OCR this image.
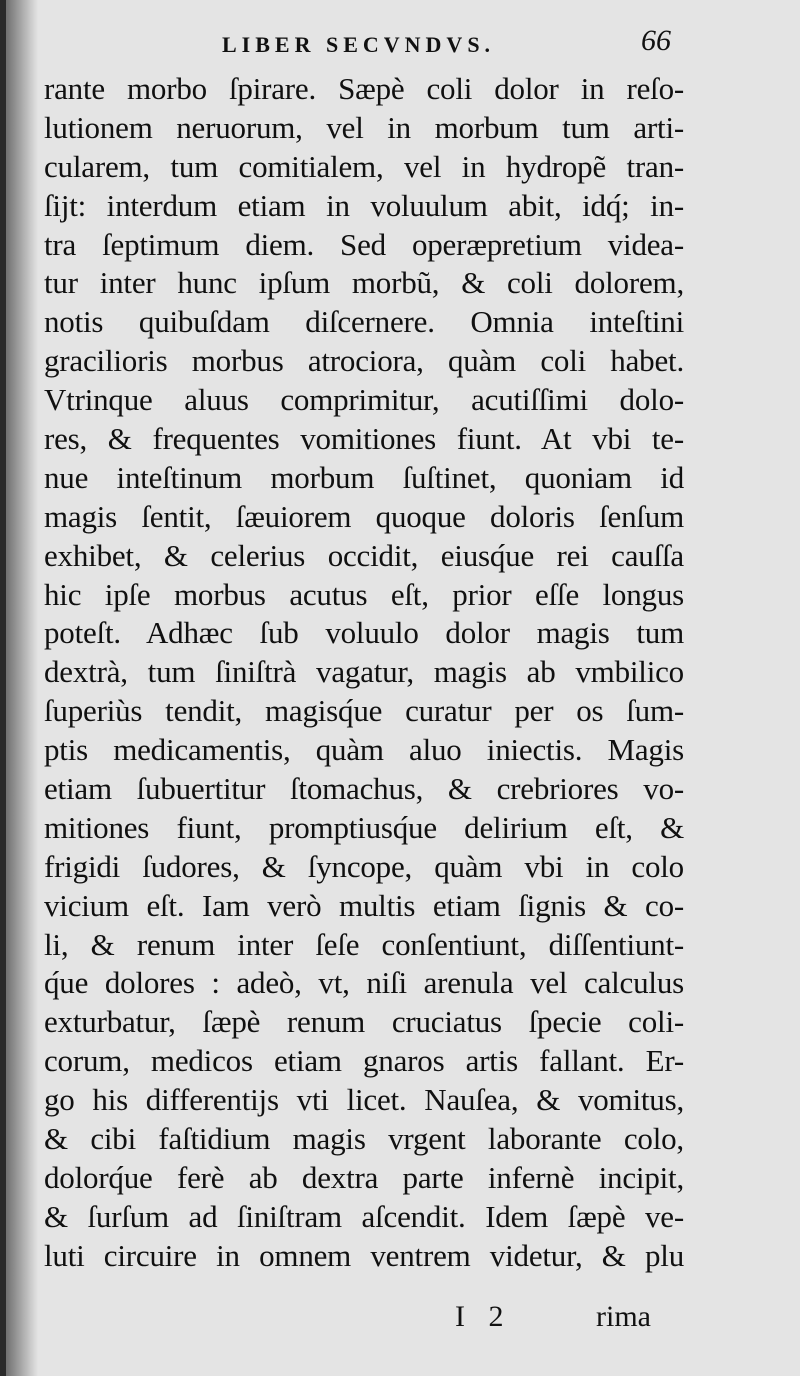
LIBER SECVNDVS.	66
rante morbo ſpirare. Sæpè coli dolor in reſo-
lutionem neruorum, vel in morbum tum arti-
cularem, tum comitialem, vel in hydropẽ tran-
ſijt: interdum etiam in voluulum abit, idq́; in-
tra ſeptimum diem. Sed operæpretium videa-
tur inter hunc ipſum morbũ, & coli dolorem,
notis quibuſdam diſcernere. Omnia inteſtini
gracilioris morbus atrociora, quàm coli habet.
Vtrinque aluus comprimitur, acutiſſimi dolo-
res, & frequentes vomitiones fiunt. At vbi te-
nue inteſtinum morbum ſuſtinet, quoniam id
magis ſentit, ſæuiorem quoque doloris ſenſum
exhibet, & celerius occidit, eiusq́ue rei cauſſa
hic ipſe morbus acutus eſt, prior eſſe longus
poteſt. Adhæc ſub voluulo dolor magis tum
dextrà, tum ſiniſtrà vagatur, magis ab vmbilico
ſuperiùs tendit, magisq́ue curatur per os ſum-
ptis medicamentis, quàm aluo iniectis. Magis
etiam ſubuertitur ſtomachus, & crebriores vo-
mitiones fiunt, promptiusq́ue delirium eſt, &
frigidi ſudores, & ſyncope, quàm vbi in colo
vicium eſt. Iam verò multis etiam ſignis & co-
li, & renum inter ſeſe conſentiunt, diſſentiunt-
q́ue dolores : adeò, vt, niſi arenula vel calculus
exturbatur, ſæpè renum cruciatus ſpecie coli-
corum, medicos etiam gnaros artis fallant. Er-
go his differentijs vti licet. Nauſea, & vomitus,
& cibi faſtidium magis vrgent laborante colo,
dolorq́ue ferè ab dextra parte infernè incipit,
& ſurſum ad ſiniſtram aſcendit. Idem ſæpè ve-
luti circuire in omnem ventrem videtur, & plu
I 2	rima
